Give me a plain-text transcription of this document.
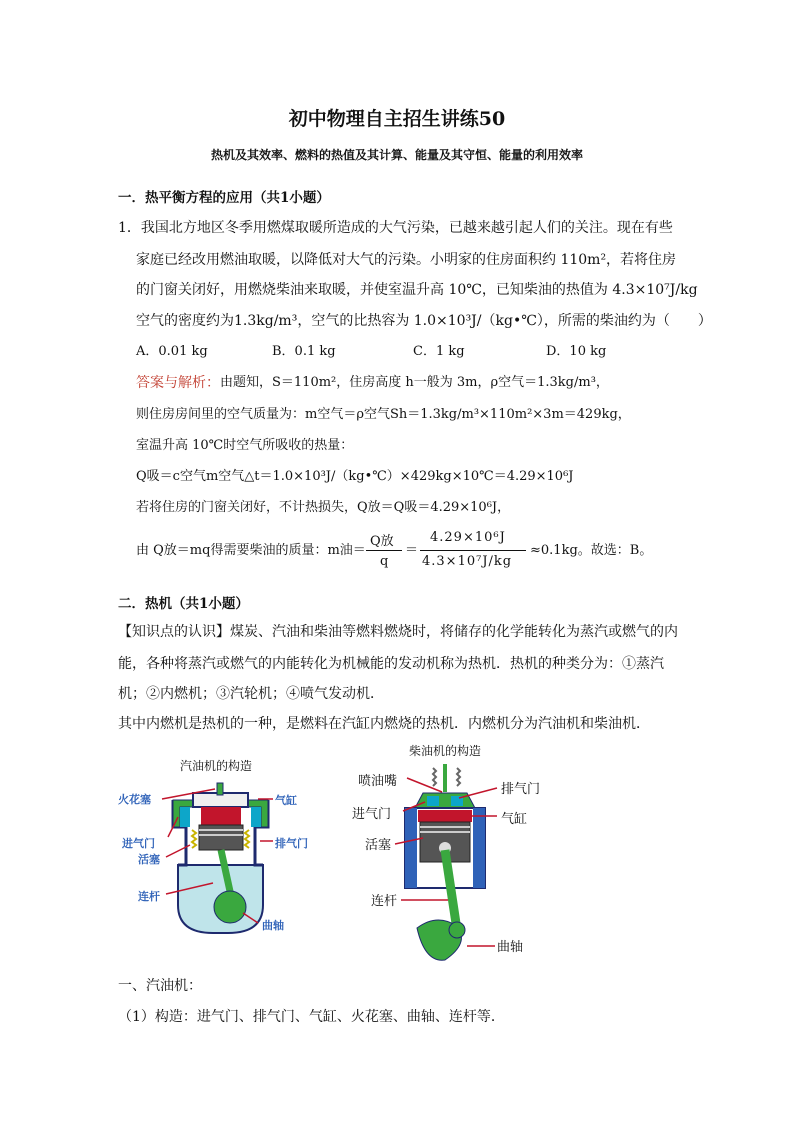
初中物理自主招生讲练50
热机及其效率、燃料的热值及其计算、能量及其守恒、能量的利用效率
一．热平衡方程的应用（共1小题）
1．我国北方地区冬季用燃煤取暖所造成的大气污染，已越来越引起人们的关注。现在有些
家庭已经改用燃油取暖，以降低对大气的污染。小明家的住房面积约 110m²，若将住房
的门窗关闭好，用燃烧柴油来取暖，并使室温升高 10℃，已知柴油的热值为 4.3×10⁷J/kg
空气的密度约为1.3kg/m³，空气的比热容为 1.0×10³J/（kg•℃），所需的柴油约为（　　）
A．0.01 kg	B．0.1 kg	C．1 kg	D．10 kg
答案与解析： 由题知，S＝110m²，住房高度 h一般为 3m，ρ空气＝1.3kg/m³，
则住房房间里的空气质量为：m空气＝ρ空气Sh＝1.3kg/m³×110m²×3m＝429kg，
室温升高 10℃时空气所吸收的热量：
Q吸＝c空气m空气△t＝1.0×10³J/（kg•℃）×429kg×10℃＝4.29×10⁶J
若将住房的门窗关闭好，不计热损失，Q放＝Q吸＝4.29×10⁶J，
由 Q放＝mq得需要柴油的质量：m油＝
Q放
q
＝
4.29×10⁶J
4.3×10⁷J/kg
≈0.1kg。故选：B。
二．热机（共1小题）
【知识点的认识】煤炭、汽油和柴油等燃料燃烧时，将储存的化学能转化为蒸汽或燃气的内
能，各种将蒸汽或燃气的内能转化为机械能的发动机称为热机．热机的种类分为：①蒸汽
机；②内燃机；③汽轮机；④喷气发动机．
其中内燃机是热机的一种，是燃料在汽缸内燃烧的热机．内燃机分为汽油机和柴油机．
汽油机的构造
火花塞	气缸
进气门	排气门
活塞
连杆
曲轴
柴油机的构造
喷油嘴
排气门
进气门	气缸
活塞
连杆
曲轴
一、汽油机：
（1）构造：进气门、排气门、气缸、火花塞、曲轴、连杆等．
